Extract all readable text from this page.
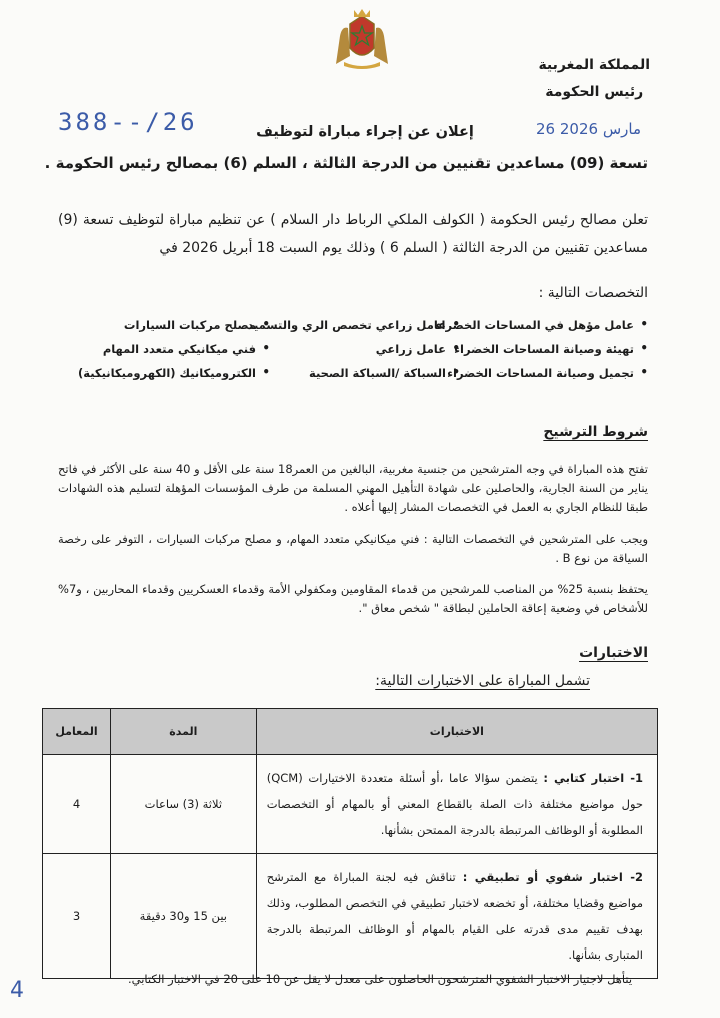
المملكة المغربية
رئيس الحكومة
388--/26	26 مارس 2026
إعلان عن إجراء مباراة لتوظيف
تسعة (09) مساعدين تقنيين من الدرجة الثالثة ، السلم (6) بمصالح رئيس الحكومة .
تعلن مصالح رئيس الحكومة ( الكولف الملكي الرباط دار السلام ) عن تنظيم مباراة لتوظيف تسعة (9) مساعدين تقنيين من الدرجة الثالثة ( السلم 6 ) وذلك يوم السبت 18 أبريل 2026 في
التخصصات التالية :
• عامل مؤهل في المساحات الخضراء
• عامل زراعي تخصص الري والتسميد
• مصلح مركبات السيارات
• تهيئة وصيانة المساحات الخضراء
• عامل زراعي
• فني ميكانيكي متعدد المهام
• تجميل وصيانة المساحات الخضراء
• السباكة /السباكة الصحية
• الكتروميكانيك (الكهروميكانيكية)
شروط الترشيح
تفتح هذه المباراة في وجه المترشحين من جنسية مغربية، البالغين من العمر18 سنة على الأقل و 40 سنة على الأكثر في فاتح يناير من السنة الجارية، والحاصلين على شهادة التأهيل المهني المسلمة من طرف المؤسسات المؤهلة لتسليم هذه الشهادات طبقا للنظام الجاري به العمل في التخصصات المشار إليها أعلاه .
ويجب على المترشحين في التخصصات التالية : فني ميكانيكي متعدد المهام، و مصلح مركبات السيارات ، التوفر على رخصة السياقة من نوع B .
يحتفظ بنسبة 25% من المناصب للمرشحين من قدماء المقاومين ومكفولي الأمة وقدماء العسكريين وقدماء المحاربين ، و7% للأشخاص في وضعية إعاقة الحاملين لبطاقة " شخص معاق ".
الاختبارات
تشمل المباراة على الاختبارات التالية:
الاختبارات	المدة	المعامل
1- اختبار كتابي : يتضمن سؤالا عاما ،أو أسئلة متعددة الاختيارات (QCM) حول مواضيع مختلفة ذات الصلة بالقطاع المعني أو بالمهام أو التخصصات المطلوبة أو الوظائف المرتبطة بالدرجة الممتحن بشأنها.	ثلاثة (3) ساعات	4
2- اختبار شفوي أو تطبيقي : تناقش فيه لجنة المباراة مع المترشح مواضيع وقضايا مختلفة، أو تخضعه لاختبار تطبيقي في التخصص المطلوب، وذلك بهدف تقييم مدى قدرته على القيام بالمهام أو الوظائف المرتبطة بالدرجة المتبارى بشأنها.	بين 15 و30 دقيقة	3
يتأهل لاجتياز الاختبار الشفوي المترشحون الحاصلون على معدل لا يقل عن 10 على 20 في الاختبار الكتابي.
4
